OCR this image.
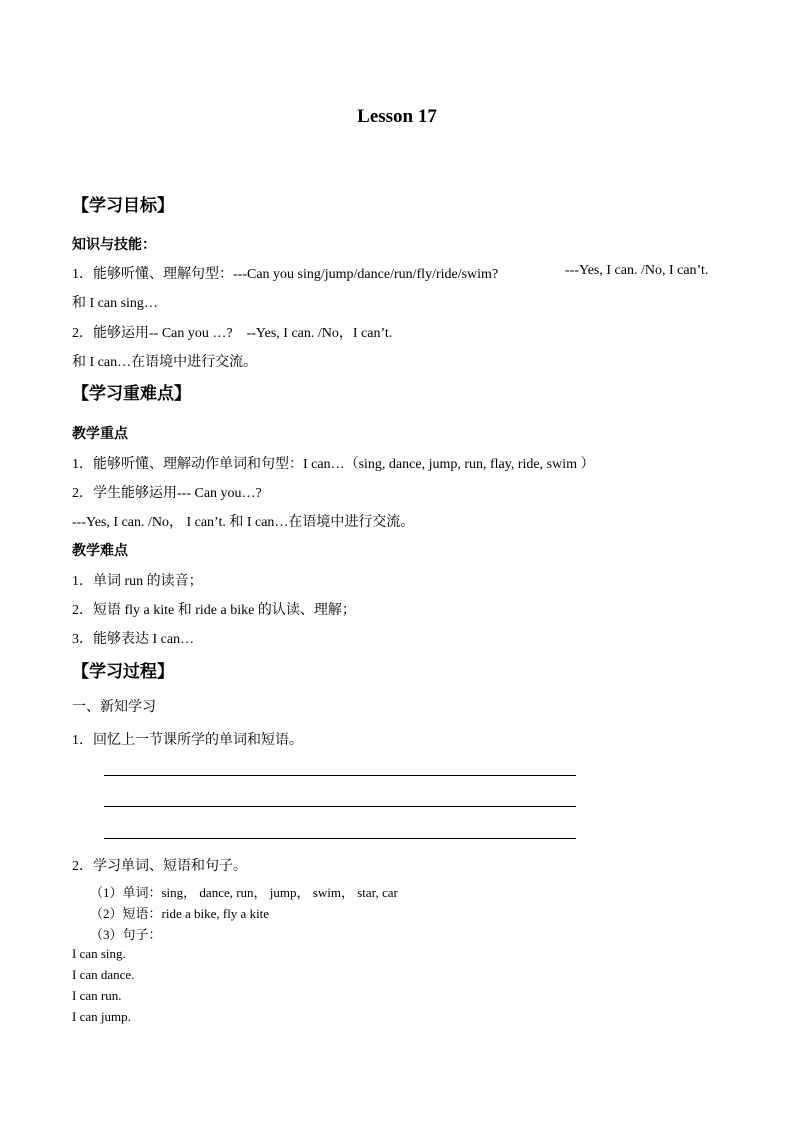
Lesson 17
【学习目标】
知识与技能：
1．能够听懂、理解句型：---Can you sing/jump/dance/run/fly/ride/swim?	---Yes, I can. /No, I can’t.
和 I can sing…
2．能够运用-- Can you …?　--Yes, I can. /No，I can’t.
和 I can…在语境中进行交流。
【学习重难点】
教学重点
1．能够听懂、理解动作单词和句型：I can…（sing, dance, jump, run, flay, ride, swim ）
2．学生能够运用--- Can you…?
---Yes, I can. /No， I can’t. 和 I can…在语境中进行交流。
教学难点
1．单词 run 的读音；
2．短语 fly a kite 和 ride a bike 的认读、理解；
3．能够表达 I can…
【学习过程】
一、新知学习
1．回忆上一节课所学的单词和短语。
2．学习单词、短语和句子。
（1）单词：sing， dance, run， jump， swim， star, car
（2）短语：ride a bike, fly a kite
（3）句子：
I can sing.
I can dance.
I can run.
I can jump.
